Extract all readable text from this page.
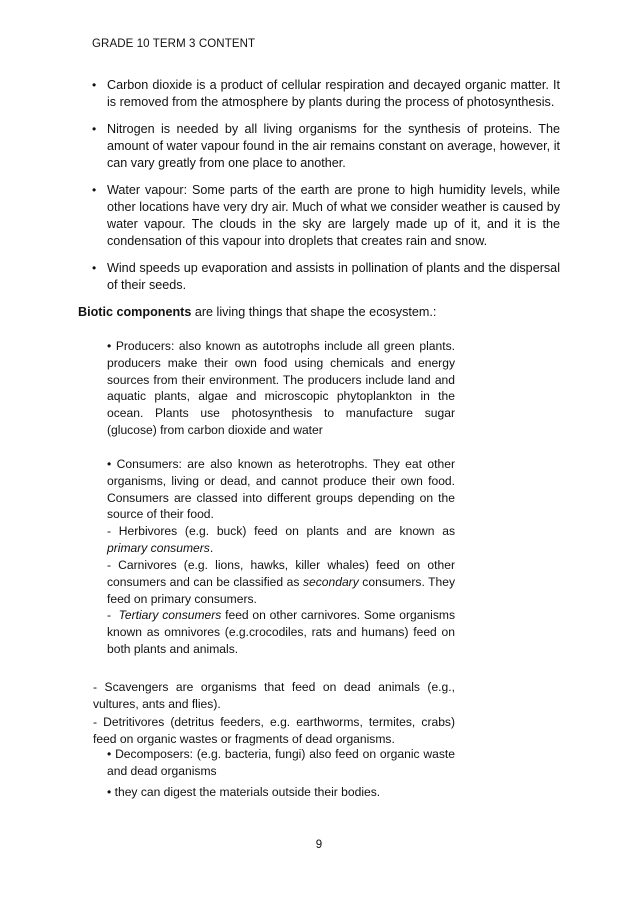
GRADE 10 TERM 3 CONTENT
• Carbon dioxide is a product of cellular respiration and decayed organic matter. It is removed from the atmosphere by plants during the process of photosynthesis.
• Nitrogen is needed by all living organisms for the synthesis of proteins. The amount of water vapour found in the air remains constant on average, however, it can vary greatly from one place to another.
• Water vapour: Some parts of the earth are prone to high humidity levels, while other locations have very dry air. Much of what we consider weather is caused by water vapour. The clouds in the sky are largely made up of it, and it is the condensation of this vapour into droplets that creates rain and snow.
• Wind speeds up evaporation and assists in pollination of plants and the dispersal of their seeds.
Biotic components are living things that shape the ecosystem.:
• Producers: also known as autotrophs include all green plants. producers make their own food using chemicals and energy sources from their environment. The producers include land and aquatic plants, algae and microscopic phytoplankton in the ocean. Plants use photosynthesis to manufacture sugar (glucose) from carbon dioxide and water
• Consumers: are also known as heterotrophs. They eat other organisms, living or dead, and cannot produce their own food. Consumers are classed into different groups depending on the source of their food.
- Herbivores (e.g. buck) feed on plants and are known as primary consumers.
- Carnivores (e.g. lions, hawks, killer whales) feed on other consumers and can be classified as secondary consumers. They feed on primary consumers.
-  Tertiary consumers feed on other carnivores. Some organisms known as omnivores (e.g.crocodiles, rats and humans) feed on both plants and animals.
- Scavengers are organisms that feed on dead animals (e.g., vultures, ants and flies).
- Detritivores (detritus feeders, e.g. earthworms, termites, crabs) feed on organic wastes or fragments of dead organisms.
• Decomposers: (e.g. bacteria, fungi) also feed on organic waste and dead organisms
• they can digest the materials outside their bodies.
9
